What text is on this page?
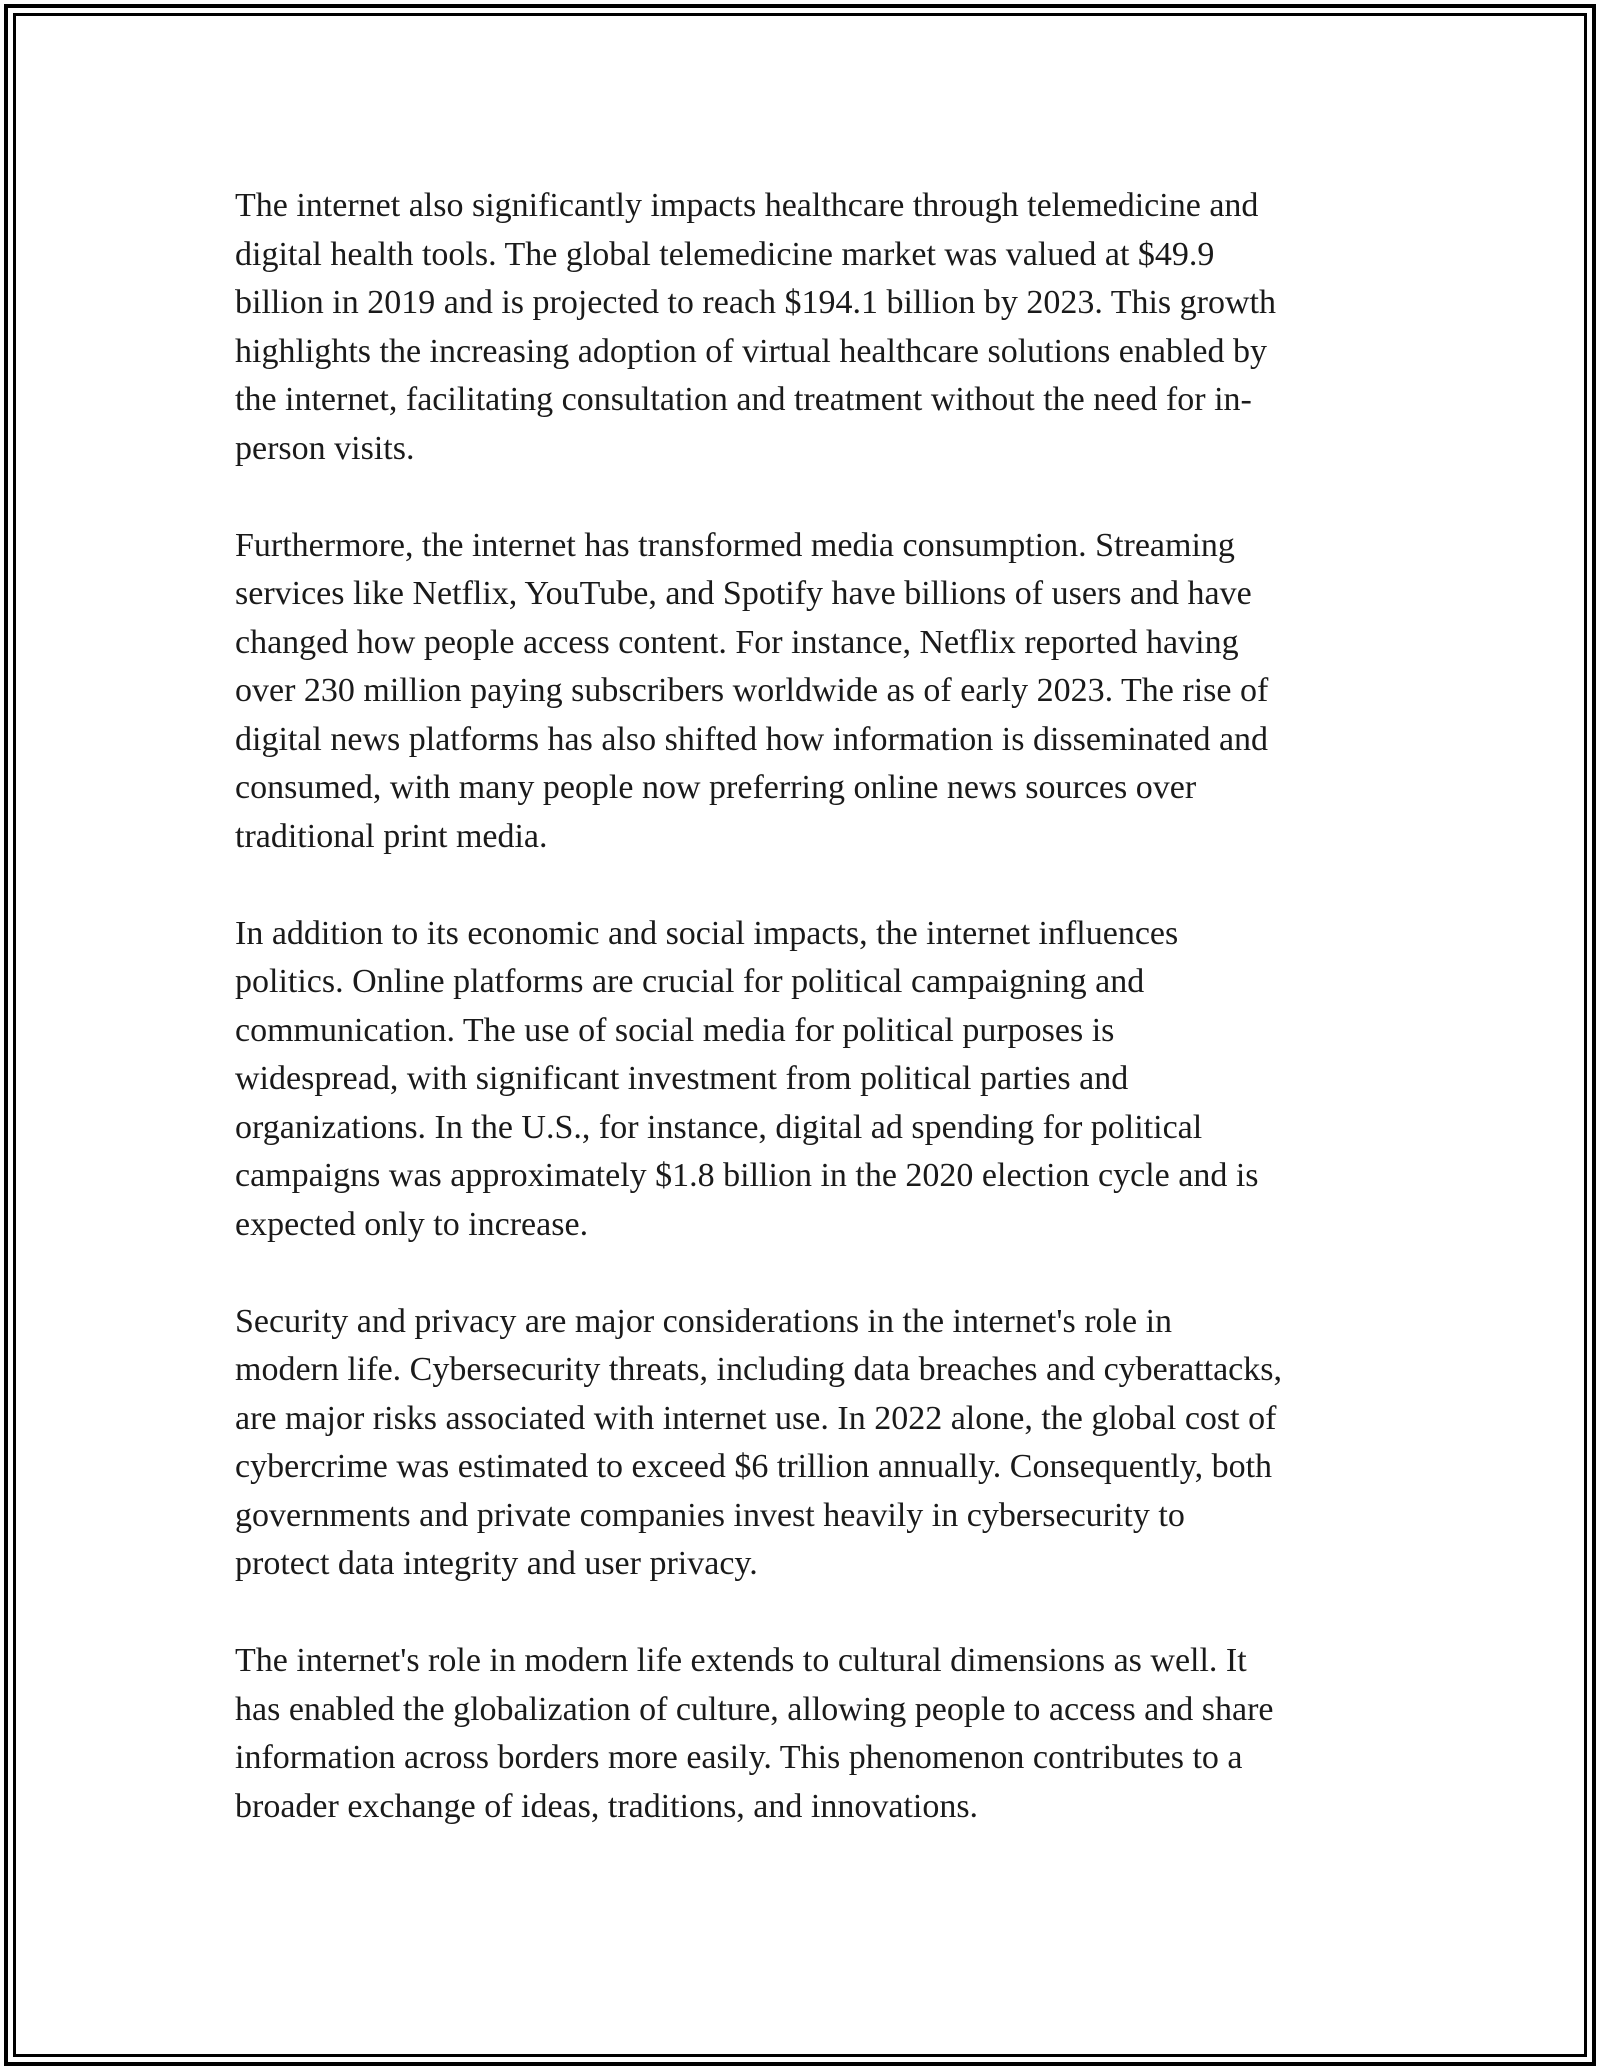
The internet also significantly impacts healthcare through telemedicine and
digital health tools. The global telemedicine market was valued at $49.9
billion in 2019 and is projected to reach $194.1 billion by 2023. This growth
highlights the increasing adoption of virtual healthcare solutions enabled by
the internet, facilitating consultation and treatment without the need for in-
person visits.

Furthermore, the internet has transformed media consumption. Streaming
services like Netflix, YouTube, and Spotify have billions of users and have
changed how people access content. For instance, Netflix reported having
over 230 million paying subscribers worldwide as of early 2023. The rise of
digital news platforms has also shifted how information is disseminated and
consumed, with many people now preferring online news sources over
traditional print media.

In addition to its economic and social impacts, the internet influences
politics. Online platforms are crucial for political campaigning and
communication. The use of social media for political purposes is
widespread, with significant investment from political parties and
organizations. In the U.S., for instance, digital ad spending for political
campaigns was approximately $1.8 billion in the 2020 election cycle and is
expected only to increase.

Security and privacy are major considerations in the internet's role in
modern life. Cybersecurity threats, including data breaches and cyberattacks,
are major risks associated with internet use. In 2022 alone, the global cost of
cybercrime was estimated to exceed $6 trillion annually. Consequently, both
governments and private companies invest heavily in cybersecurity to
protect data integrity and user privacy.

The internet's role in modern life extends to cultural dimensions as well. It
has enabled the globalization of culture, allowing people to access and share
information across borders more easily. This phenomenon contributes to a
broader exchange of ideas, traditions, and innovations.
